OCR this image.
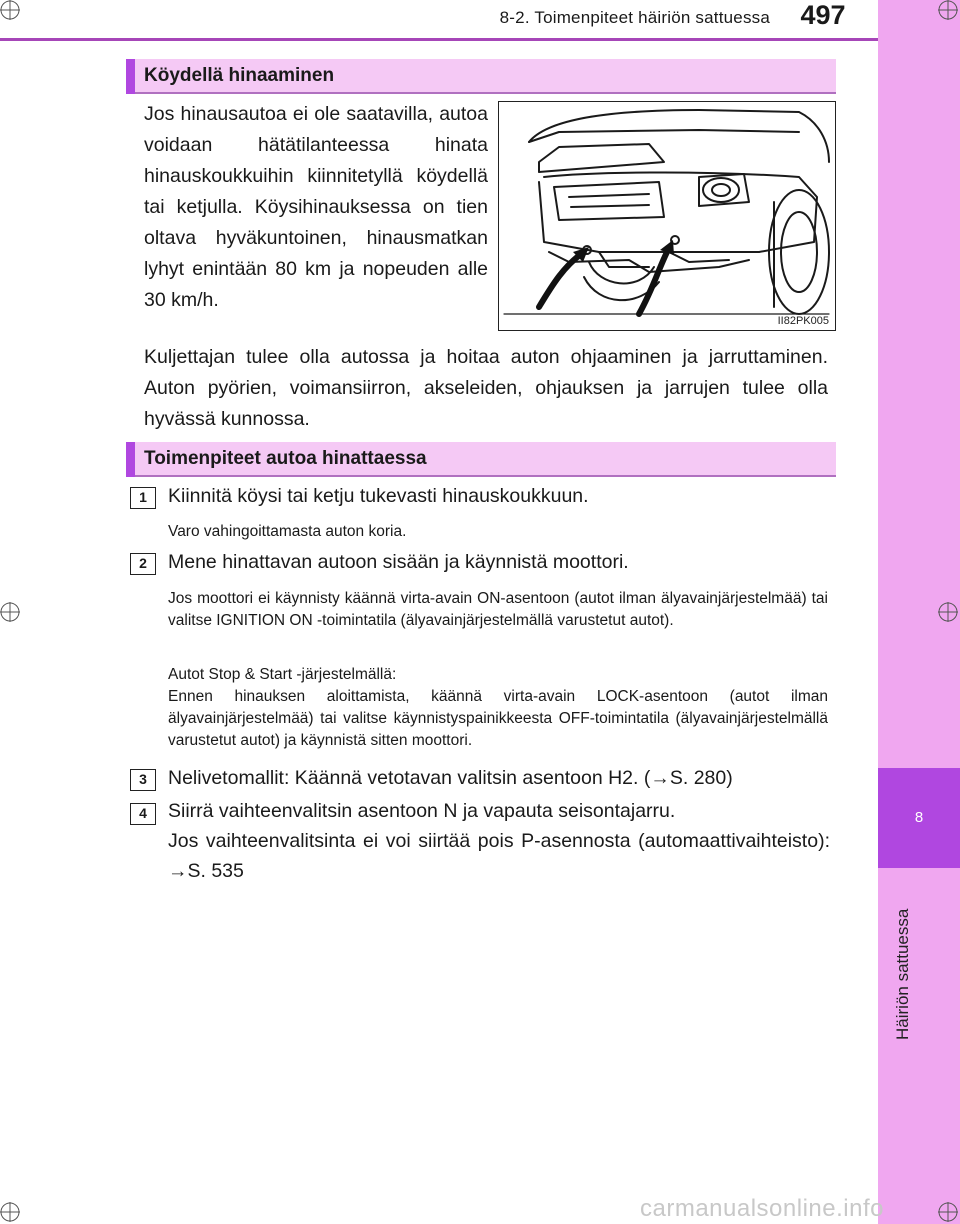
8-2. Toimenpiteet häiriön sattuessa	497
8
Häiriön sattuessa
Köydellä hinaaminen
Jos hinausautoa ei ole saatavilla, autoa voidaan hätätilanteessa hinata hinauskoukkuihin kiinnitetyllä köydellä tai ketjulla. Köysihinauksessa on tien oltava hyväkuntoinen, hinausmatkan lyhyt enintään 80 km ja nopeuden alle 30 km/h.
II82PK005
Kuljettajan tulee olla autossa ja hoitaa auton ohjaaminen ja jarruttaminen. Auton pyörien, voimansiirron, akseleiden, ohjauksen ja jarrujen tulee olla hyvässä kunnossa.
Toimenpiteet autoa hinattaessa
1	Kiinnitä köysi tai ketju tukevasti hinauskoukkuun.
Varo vahingoittamasta auton koria.
2	Mene hinattavan autoon sisään ja käynnistä moottori.
Jos moottori ei käynnisty käännä virta-avain ON-asentoon (autot ilman älyavainjärjestelmää) tai valitse IGNITION ON -toimintatila (älyavainjärjestelmällä varustetut autot).
Autot Stop & Start -järjestelmällä:
Ennen hinauksen aloittamista, käännä virta-avain LOCK-asentoon (autot ilman älyavainjärjestelmää) tai valitse käynnistyspainikkeesta OFF-toimintatila (älyavainjärjestelmällä varustetut autot) ja käynnistä sitten moottori.
3	Nelivetomallit: Käännä vetotavan valitsin asentoon H2. (→S. 280)
4	Siirrä vaihteenvalitsin asentoon N ja vapauta seisontajarru.
Jos vaihteenvalitsinta ei voi siirtää pois P-asennosta (automaattivaihteisto): →S. 535
carmanualsonline.info
